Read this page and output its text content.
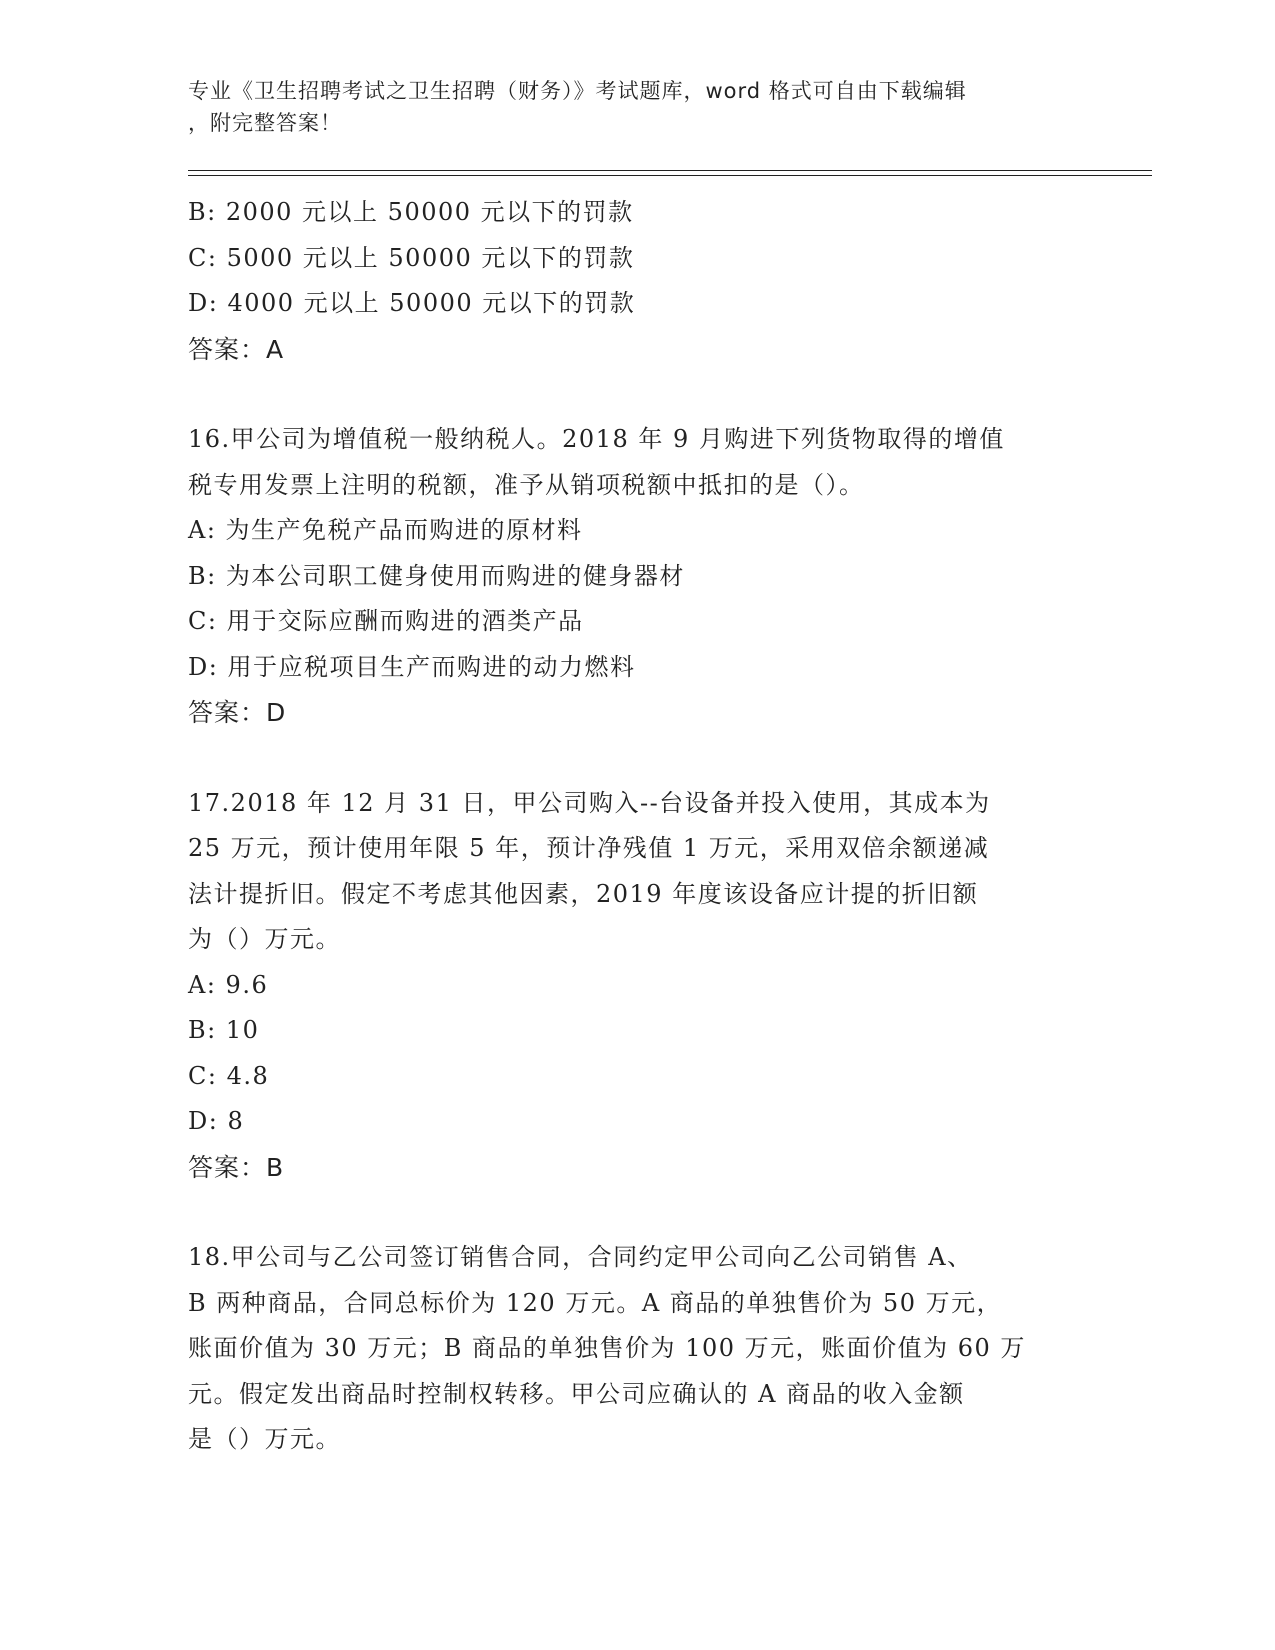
专业《卫生招聘考试之卫生招聘（财务）》考试题库，word 格式可自由下载编辑
，附完整答案！
B: 2000 元以上 50000 元以下的罚款
C: 5000 元以上 50000 元以下的罚款
D: 4000 元以上 50000 元以下的罚款
答案：A
16.甲公司为增值税一般纳税人。2018 年 9 月购进下列货物取得的增值
税专用发票上注明的税额，准予从销项税额中抵扣的是（）。
A: 为生产免税产品而购进的原材料
B: 为本公司职工健身使用而购进的健身器材
C: 用于交际应酬而购进的酒类产品
D: 用于应税项目生产而购进的动力燃料
答案：D
17.2018 年 12 月 31 日，甲公司购入--台设备并投入使用，其成本为
25 万元，预计使用年限 5 年，预计净残值 1 万元，采用双倍余额递减
法计提折旧。假定不考虑其他因素，2019 年度该设备应计提的折旧额
为（）万元。
A: 9.6
B: 10
C: 4.8
D: 8
答案：B
18.甲公司与乙公司签订销售合同，合同约定甲公司向乙公司销售 A、
B 两种商品，合同总标价为 120 万元。A 商品的单独售价为 50 万元，
账面价值为 30 万元；B 商品的单独售价为 100 万元，账面价值为 60 万
元。假定发出商品时控制权转移。甲公司应确认的 A 商品的收入金额
是（）万元。
